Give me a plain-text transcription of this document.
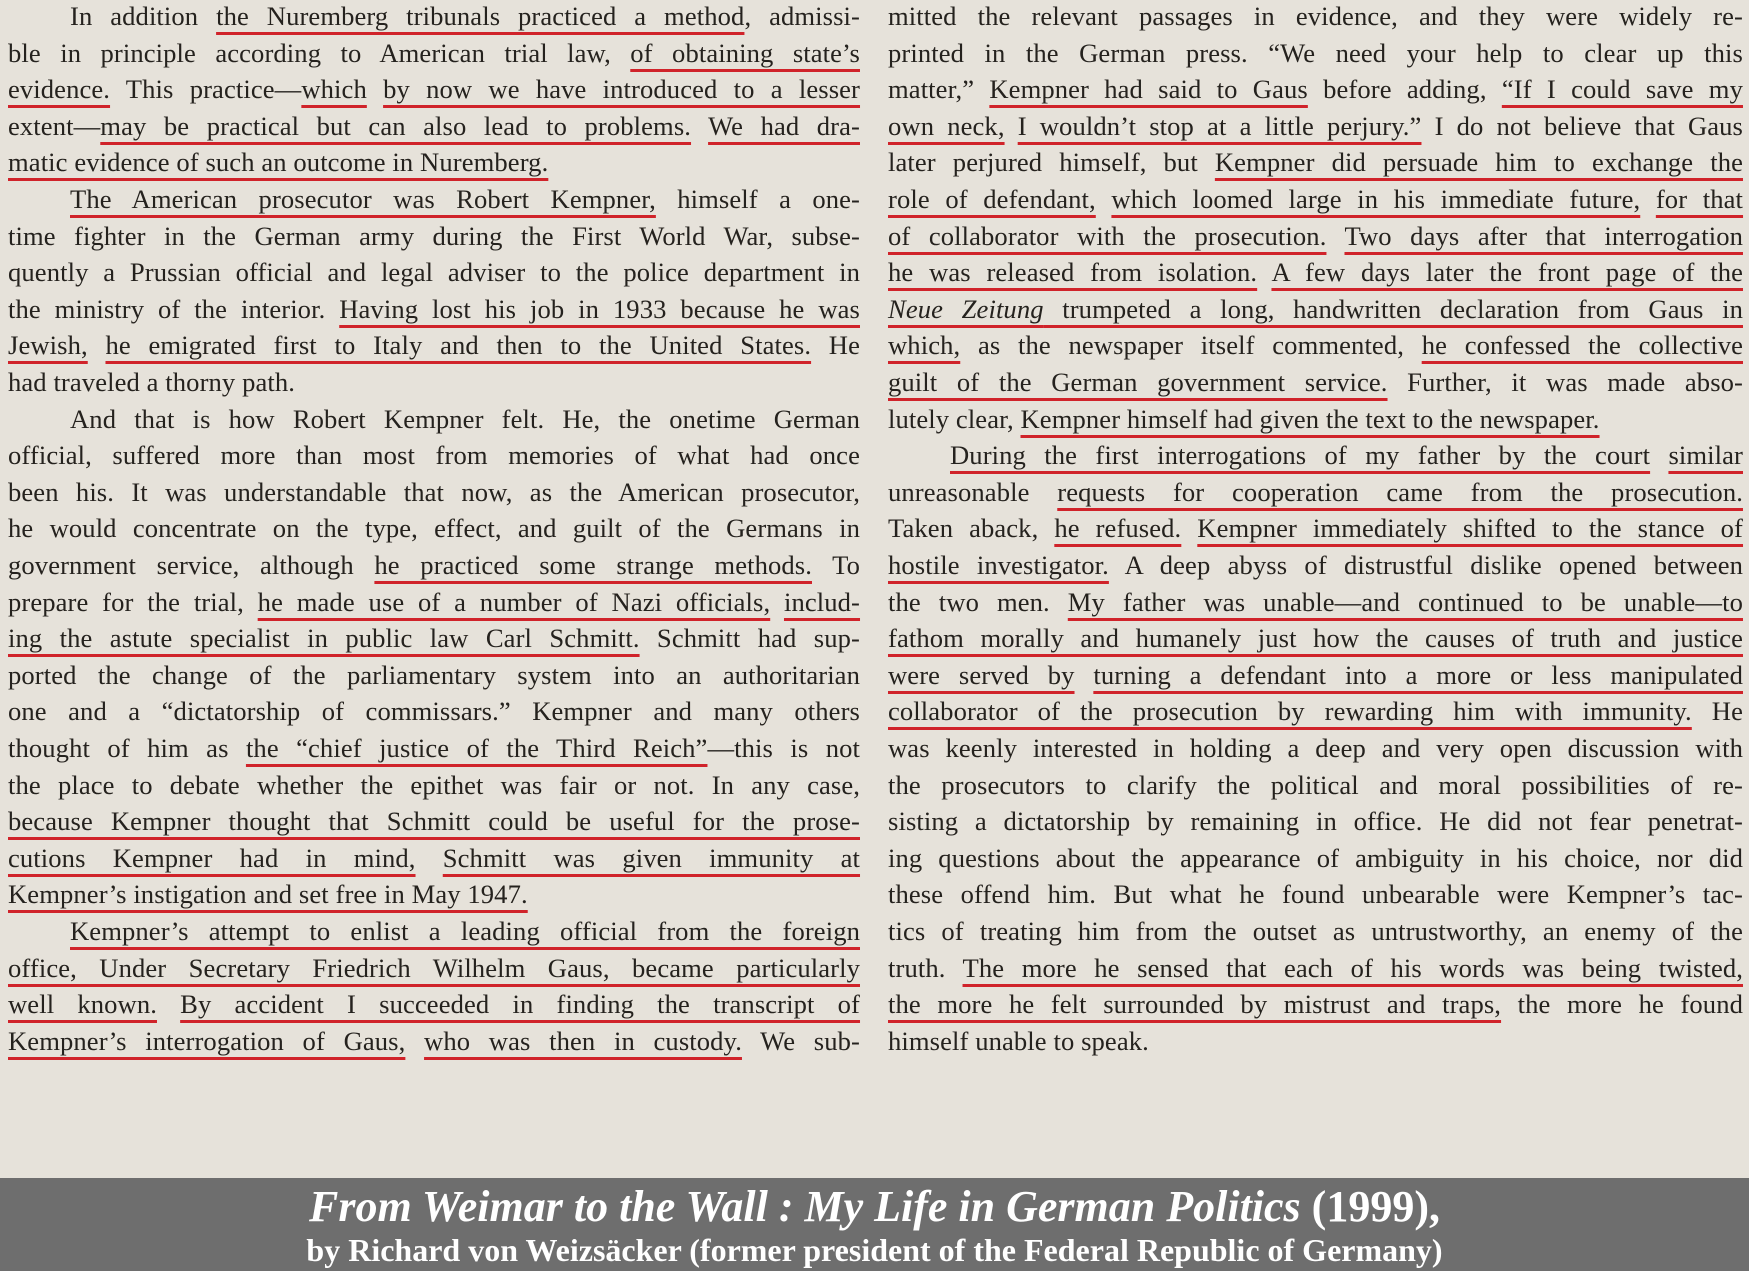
In addition the Nuremberg tribunals practiced a method, admissi-
ble in principle according to American trial law, of obtaining state’s
evidence. This practice—which by now we have introduced to a lesser
extent—may be practical but can also lead to problems. We had dra-
matic evidence of such an outcome in Nuremberg.
The American prosecutor was Robert Kempner, himself a one-
time fighter in the German army during the First World War, subse-
quently a Prussian official and legal adviser to the police department in
the ministry of the interior. Having lost his job in 1933 because he was
Jewish, he emigrated first to Italy and then to the United States. He
had traveled a thorny path.
And that is how Robert Kempner felt. He, the onetime German
official, suffered more than most from memories of what had once
been his. It was understandable that now, as the American prosecutor,
he would concentrate on the type, effect, and guilt of the Germans in
government service, although he practiced some strange methods. To
prepare for the trial, he made use of a number of Nazi officials, includ-
ing the astute specialist in public law Carl Schmitt. Schmitt had sup-
ported the change of the parliamentary system into an authoritarian
one and a “dictatorship of commissars.” Kempner and many others
thought of him as the “chief justice of the Third Reich”—this is not
the place to debate whether the epithet was fair or not. In any case,
because Kempner thought that Schmitt could be useful for the prose-
cutions Kempner had in mind, Schmitt was given immunity at
Kempner’s instigation and set free in May 1947.
Kempner’s attempt to enlist a leading official from the foreign
office, Under Secretary Friedrich Wilhelm Gaus, became particularly
well known. By accident I succeeded in finding the transcript of
Kempner’s interrogation of Gaus, who was then in custody. We sub-
mitted the relevant passages in evidence, and they were widely re-
printed in the German press. “We need your help to clear up this
matter,” Kempner had said to Gaus before adding, “If I could save my
own neck, I wouldn’t stop at a little perjury.” I do not believe that Gaus
later perjured himself, but Kempner did persuade him to exchange the
role of defendant, which loomed large in his immediate future, for that
of collaborator with the prosecution. Two days after that interrogation
he was released from isolation. A few days later the front page of the
Neue Zeitung trumpeted a long, handwritten declaration from Gaus in
which, as the newspaper itself commented, he confessed the collective
guilt of the German government service. Further, it was made abso-
lutely clear, Kempner himself had given the text to the newspaper.
During the first interrogations of my father by the court similar
unreasonable requests for cooperation came from the prosecution.
Taken aback, he refused. Kempner immediately shifted to the stance of
hostile investigator. A deep abyss of distrustful dislike opened between
the two men. My father was unable—and continued to be unable—to
fathom morally and humanely just how the causes of truth and justice
were served by turning a defendant into a more or less manipulated
collaborator of the prosecution by rewarding him with immunity. He
was keenly interested in holding a deep and very open discussion with
the prosecutors to clarify the political and moral possibilities of re-
sisting a dictatorship by remaining in office. He did not fear penetrat-
ing questions about the appearance of ambiguity in his choice, nor did
these offend him. But what he found unbearable were Kempner’s tac-
tics of treating him from the outset as untrustworthy, an enemy of the
truth. The more he sensed that each of his words was being twisted,
the more he felt surrounded by mistrust and traps, the more he found
himself unable to speak.
From Weimar to the Wall : My Life in German Politics (1999),
by Richard von Weizsäcker (former president of the Federal Republic of Germany)
